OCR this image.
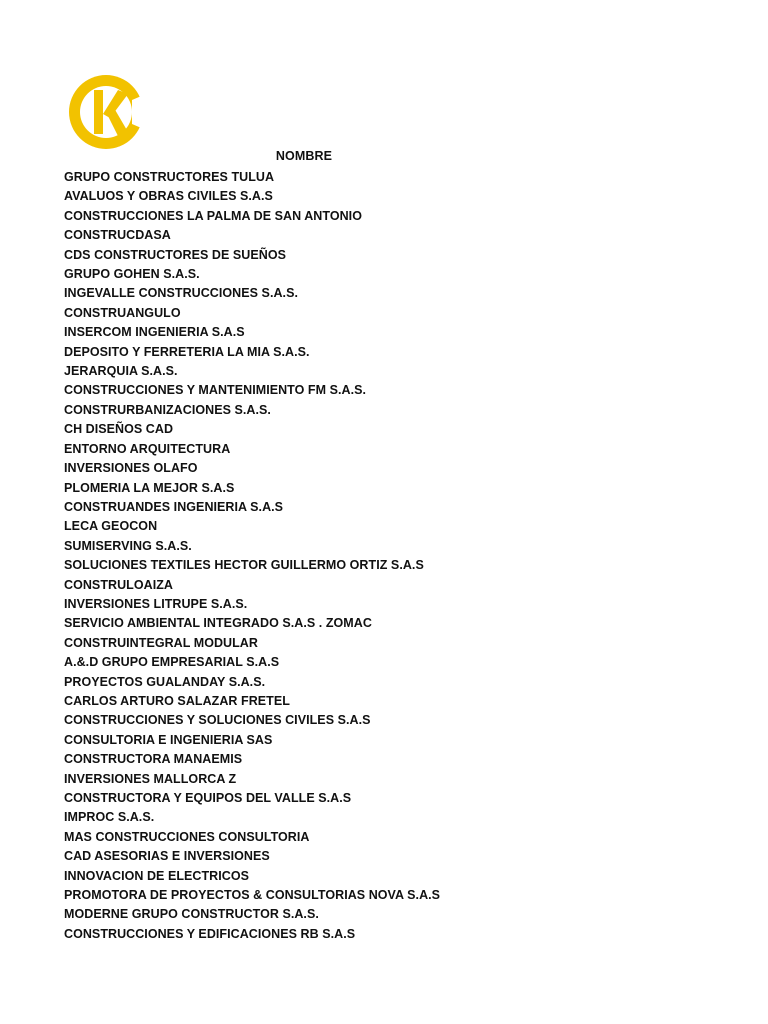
NOMBRE
GRUPO CONSTRUCTORES TULUA
AVALUOS Y OBRAS CIVILES S.A.S
CONSTRUCCIONES LA PALMA DE SAN ANTONIO
CONSTRUCDASA
CDS CONSTRUCTORES DE SUEÑOS
GRUPO GOHEN S.A.S.
INGEVALLE CONSTRUCCIONES S.A.S.
CONSTRUANGULO
INSERCOM INGENIERIA S.A.S
DEPOSITO Y FERRETERIA LA MIA S.A.S.
JERARQUIA S.A.S.
CONSTRUCCIONES Y MANTENIMIENTO FM S.A.S.
CONSTRURBANIZACIONES S.A.S.
CH DISEÑOS CAD
ENTORNO ARQUITECTURA
INVERSIONES OLAFO
PLOMERIA LA MEJOR S.A.S
CONSTRUANDES INGENIERIA S.A.S
LECA GEOCON
SUMISERVING S.A.S.
SOLUCIONES TEXTILES HECTOR GUILLERMO ORTIZ S.A.S
CONSTRULOAIZA
INVERSIONES LITRUPE S.A.S.
SERVICIO AMBIENTAL INTEGRADO S.A.S . ZOMAC
CONSTRUINTEGRAL MODULAR
A.&.D GRUPO EMPRESARIAL S.A.S
PROYECTOS GUALANDAY S.A.S.
CARLOS ARTURO SALAZAR FRETEL
CONSTRUCCIONES Y SOLUCIONES CIVILES S.A.S
CONSULTORIA E INGENIERIA SAS
CONSTRUCTORA MANAEMIS
INVERSIONES MALLORCA Z
CONSTRUCTORA Y EQUIPOS DEL VALLE S.A.S
IMPROC S.A.S.
MAS CONSTRUCCIONES CONSULTORIA
CAD ASESORIAS E INVERSIONES
INNOVACION DE ELECTRICOS
PROMOTORA DE PROYECTOS & CONSULTORIAS NOVA S.A.S
MODERNE GRUPO CONSTRUCTOR S.A.S.
CONSTRUCCIONES Y EDIFICACIONES RB S.A.S
